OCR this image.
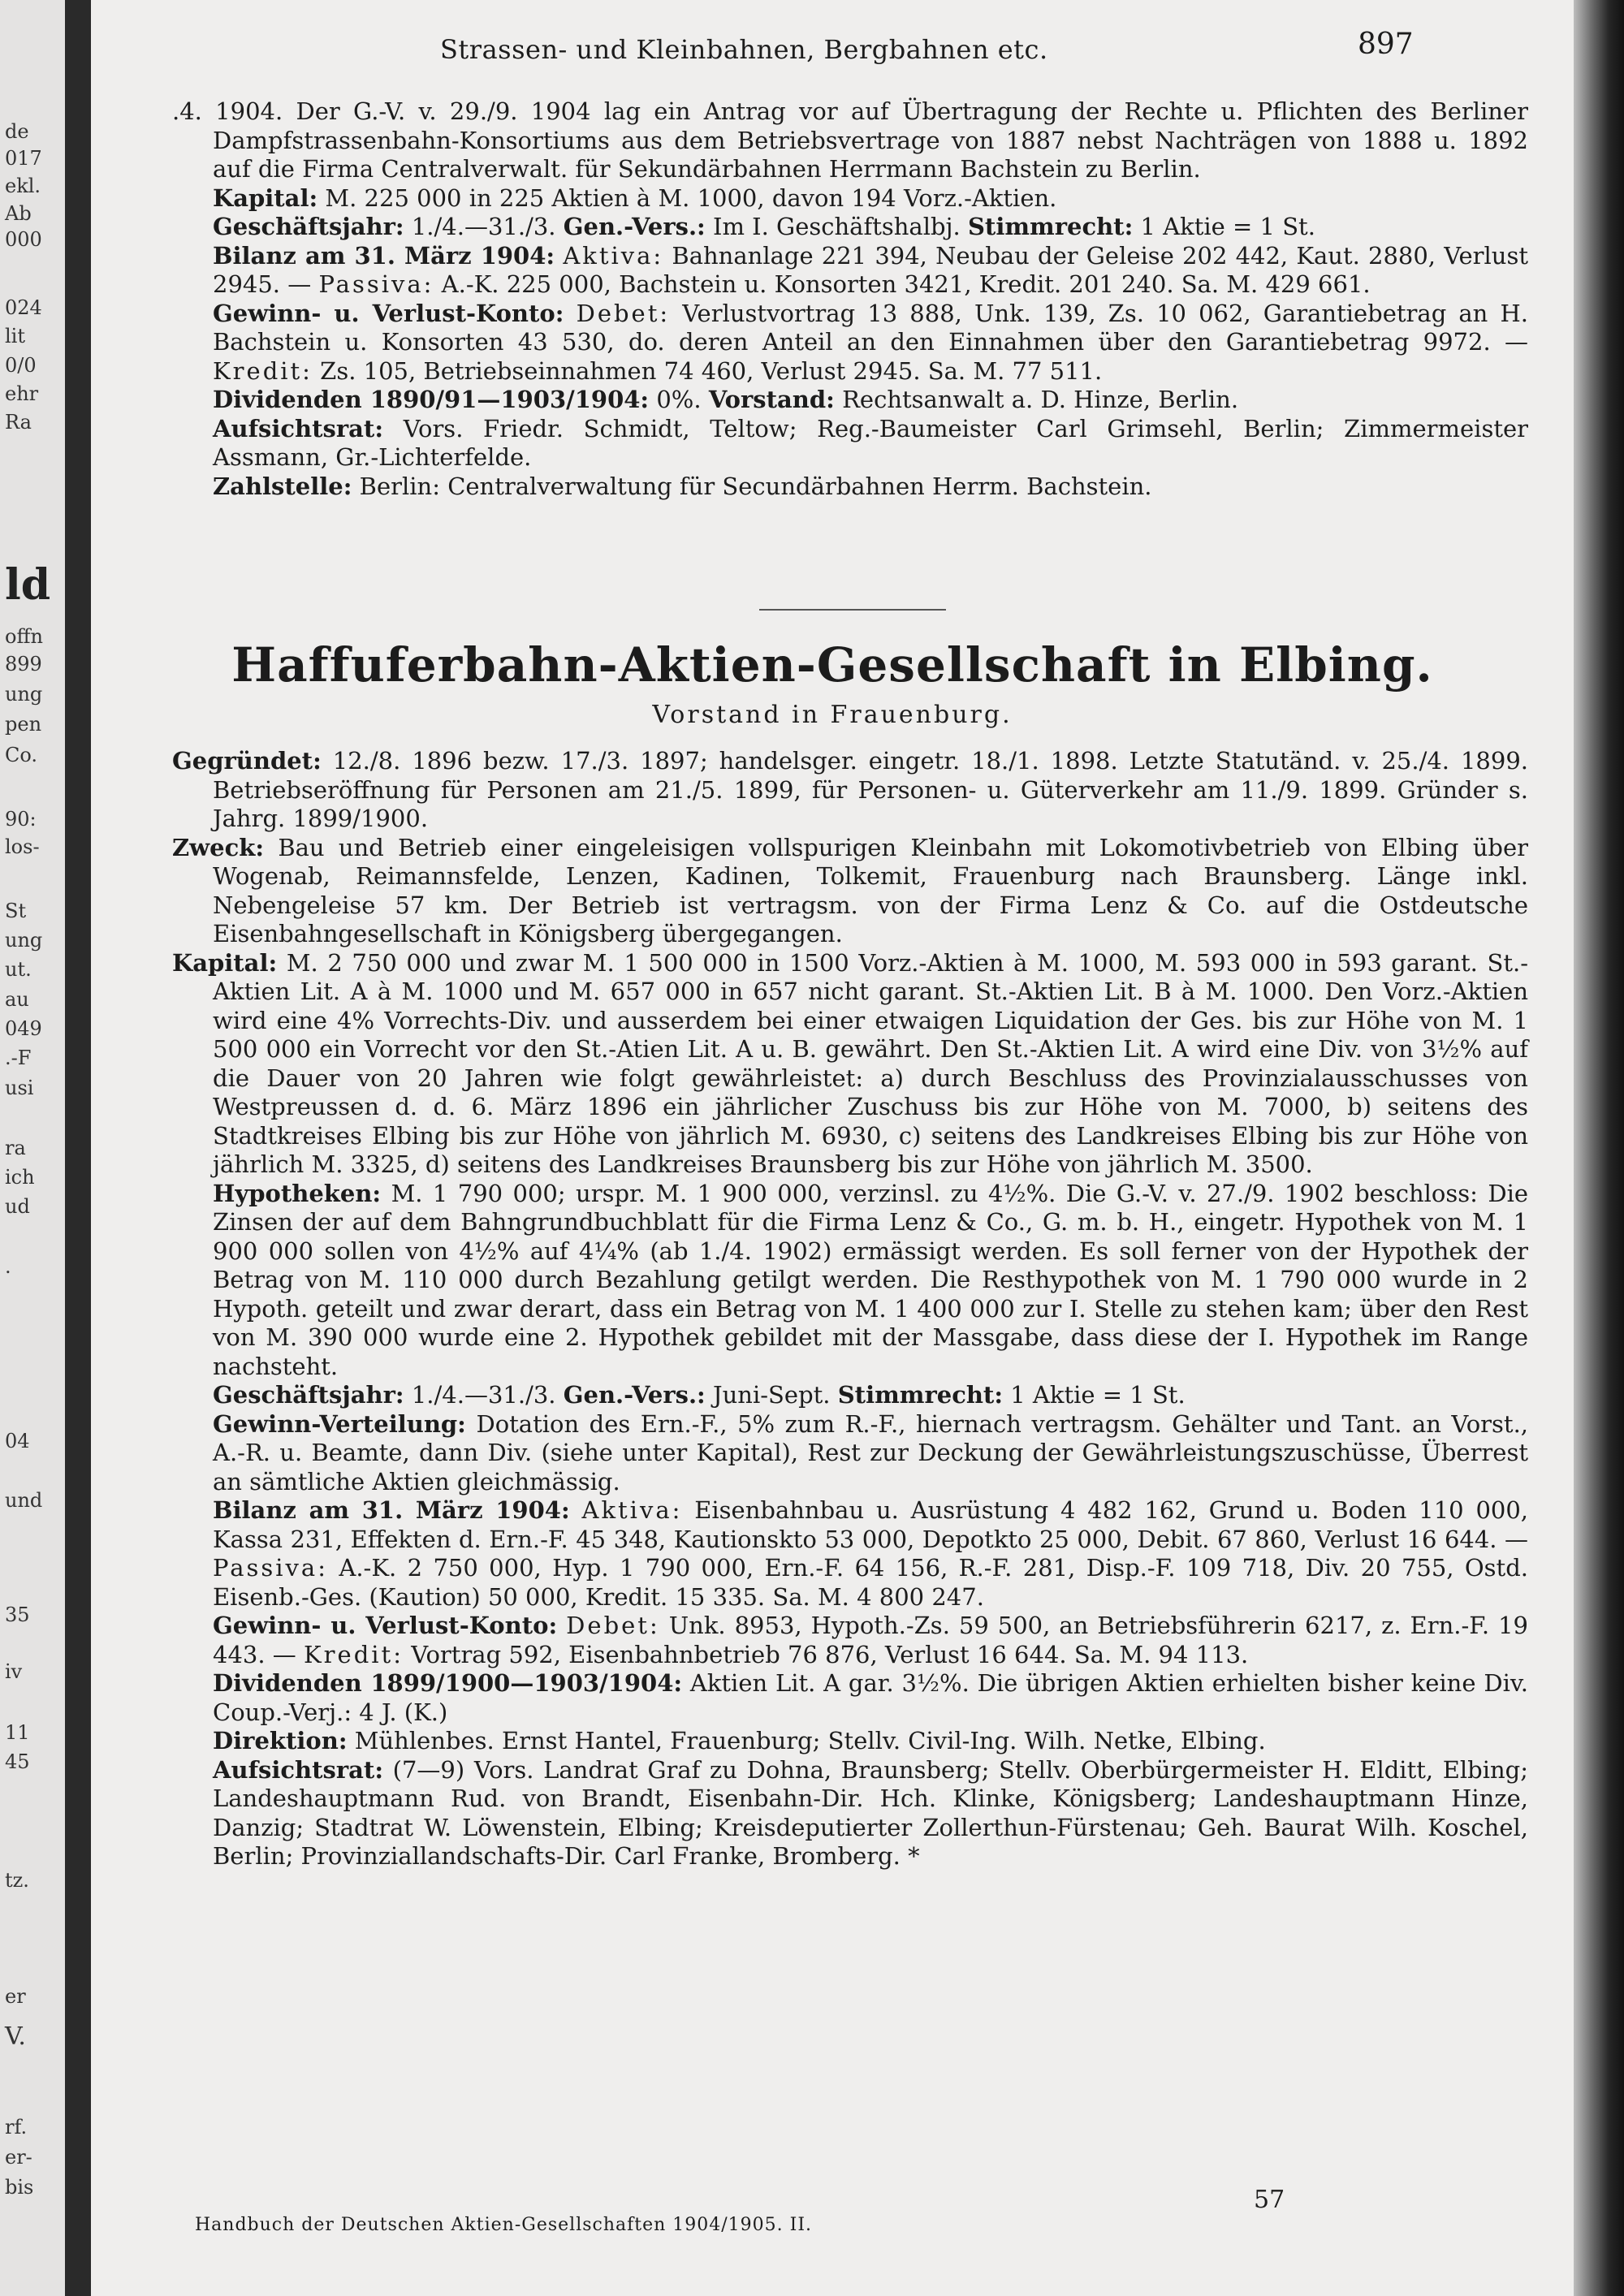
de
017
ekl.
Ab
000
024
lit
0/0
ehr
Ra
ld
offn
899
ung
pen
Co.
90:
los-
St
ung
ut.
au
049
.-F
usi
ra
ich
ud
.
04
und
35
iv
11
45
tz.
er
V.
rf.
er-
bis
Strassen- und Kleinbahnen, Bergbahnen etc.	897

.4. 1904. Der G.-V. v. 29./9. 1904 lag ein Antrag vor auf Übertragung der Rechte u. Pflichten des Berliner Dampfstrassenbahn-Konsortiums aus dem Betriebsvertrage von 1887 nebst Nachträgen von 1888 u. 1892 auf die Firma Centralverwalt. für Sekundärbahnen Herrmann Bachstein zu Berlin.

Kapital: M. 225 000 in 225 Aktien à M. 1000, davon 194 Vorz.-Aktien.

Geschäftsjahr: 1./4.—31./3. Gen.-Vers.: Im I. Geschäftshalbj. Stimmrecht: 1 Aktie = 1 St.

Bilanz am 31. März 1904: Aktiva: Bahnanlage 221 394, Neubau der Geleise 202 442, Kaut. 2880, Verlust 2945. — Passiva: A.-K. 225 000, Bachstein u. Konsorten 3421, Kredit. 201 240. Sa. M. 429 661.

Gewinn- u. Verlust-Konto: Debet: Verlustvortrag 13 888, Unk. 139, Zs. 10 062, Garantiebetrag an H. Bachstein u. Konsorten 43 530, do. deren Anteil an den Einnahmen über den Garantiebetrag 9972. — Kredit: Zs. 105, Betriebseinnahmen 74 460, Verlust 2945. Sa. M. 77 511.

Dividenden 1890/91—1903/1904: 0%. Vorstand: Rechtsanwalt a. D. Hinze, Berlin.

Aufsichtsrat: Vors. Friedr. Schmidt, Teltow; Reg.-Baumeister Carl Grimsehl, Berlin; Zimmermeister Assmann, Gr.-Lichterfelde.

Zahlstelle: Berlin: Centralverwaltung für Secundärbahnen Herrm. Bachstein.

Haffuferbahn-Aktien-Gesellschaft in Elbing.
Vorstand in Frauenburg.

Gegründet: 12./8. 1896 bezw. 17./3. 1897; handelsger. eingetr. 18./1. 1898. Letzte Statutänd. v. 25./4. 1899. Betriebseröffnung für Personen am 21./5. 1899, für Personen- u. Güterverkehr am 11./9. 1899. Gründer s. Jahrg. 1899/1900.

Zweck: Bau und Betrieb einer eingeleisigen vollspurigen Kleinbahn mit Lokomotivbetrieb von Elbing über Wogenab, Reimannsfelde, Lenzen, Kadinen, Tolkemit, Frauenburg nach Braunsberg. Länge inkl. Nebengeleise 57 km. Der Betrieb ist vertragsm. von der Firma Lenz & Co. auf die Ostdeutsche Eisenbahngesellschaft in Königsberg übergegangen.

Kapital: M. 2 750 000 und zwar M. 1 500 000 in 1500 Vorz.-Aktien à M. 1000, M. 593 000 in 593 garant. St.-Aktien Lit. A à M. 1000 und M. 657 000 in 657 nicht garant. St.-Aktien Lit. B à M. 1000. Den Vorz.-Aktien wird eine 4% Vorrechts-Div. und ausserdem bei einer etwaigen Liquidation der Ges. bis zur Höhe von M. 1 500 000 ein Vorrecht vor den St.-Atien Lit. A u. B. gewährt. Den St.-Aktien Lit. A wird eine Div. von 3½% auf die Dauer von 20 Jahren wie folgt gewährleistet: a) durch Beschluss des Provinzialausschusses von Westpreussen d. d. 6. März 1896 ein jährlicher Zuschuss bis zur Höhe von M. 7000, b) seitens des Stadtkreises Elbing bis zur Höhe von jährlich M. 6930, c) seitens des Landkreises Elbing bis zur Höhe von jährlich M. 3325, d) seitens des Landkreises Braunsberg bis zur Höhe von jährlich M. 3500.

Hypotheken: M. 1 790 000; urspr. M. 1 900 000, verzinsl. zu 4½%. Die G.-V. v. 27./9. 1902 beschloss: Die Zinsen der auf dem Bahngrundbuchblatt für die Firma Lenz & Co., G. m. b. H., eingetr. Hypothek von M. 1 900 000 sollen von 4½% auf 4¼% (ab 1./4. 1902) ermässigt werden. Es soll ferner von der Hypothek der Betrag von M. 110 000 durch Bezahlung getilgt werden. Die Resthypothek von M. 1 790 000 wurde in 2 Hypoth. geteilt und zwar derart, dass ein Betrag von M. 1 400 000 zur I. Stelle zu stehen kam; über den Rest von M. 390 000 wurde eine 2. Hypothek gebildet mit der Massgabe, dass diese der I. Hypothek im Range nachsteht.

Geschäftsjahr: 1./4.—31./3. Gen.-Vers.: Juni-Sept. Stimmrecht: 1 Aktie = 1 St.

Gewinn-Verteilung: Dotation des Ern.-F., 5% zum R.-F., hiernach vertragsm. Gehälter und Tant. an Vorst., A.-R. u. Beamte, dann Div. (siehe unter Kapital), Rest zur Deckung der Gewährleistungszuschüsse, Überrest an sämtliche Aktien gleichmässig.

Bilanz am 31. März 1904: Aktiva: Eisenbahnbau u. Ausrüstung 4 482 162, Grund u. Boden 110 000, Kassa 231, Effekten d. Ern.-F. 45 348, Kautionskto 53 000, Depotkto 25 000, Debit. 67 860, Verlust 16 644. — Passiva: A.-K. 2 750 000, Hyp. 1 790 000, Ern.-F. 64 156, R.-F. 281, Disp.-F. 109 718, Div. 20 755, Ostd. Eisenb.-Ges. (Kaution) 50 000, Kredit. 15 335. Sa. M. 4 800 247.

Gewinn- u. Verlust-Konto: Debet: Unk. 8953, Hypoth.-Zs. 59 500, an Betriebsführerin 6217, z. Ern.-F. 19 443. — Kredit: Vortrag 592, Eisenbahnbetrieb 76 876, Verlust 16 644. Sa. M. 94 113.

Dividenden 1899/1900—1903/1904: Aktien Lit. A gar. 3½%. Die übrigen Aktien erhielten bisher keine Div. Coup.-Verj.: 4 J. (K.)

Direktion: Mühlenbes. Ernst Hantel, Frauenburg; Stellv. Civil-Ing. Wilh. Netke, Elbing.

Aufsichtsrat: (7—9) Vors. Landrat Graf zu Dohna, Braunsberg; Stellv. Oberbürgermeister H. Elditt, Elbing; Landeshauptmann Rud. von Brandt, Eisenbahn-Dir. Hch. Klinke, Königsberg; Landeshauptmann Hinze, Danzig; Stadtrat W. Löwenstein, Elbing; Kreisdeputierter Zollerthun-Fürstenau; Geh. Baurat Wilh. Koschel, Berlin; Provinziallandschafts-Dir. Carl Franke, Bromberg. *

Handbuch der Deutschen Aktien-Gesellschaften 1904/1905. II.
57
